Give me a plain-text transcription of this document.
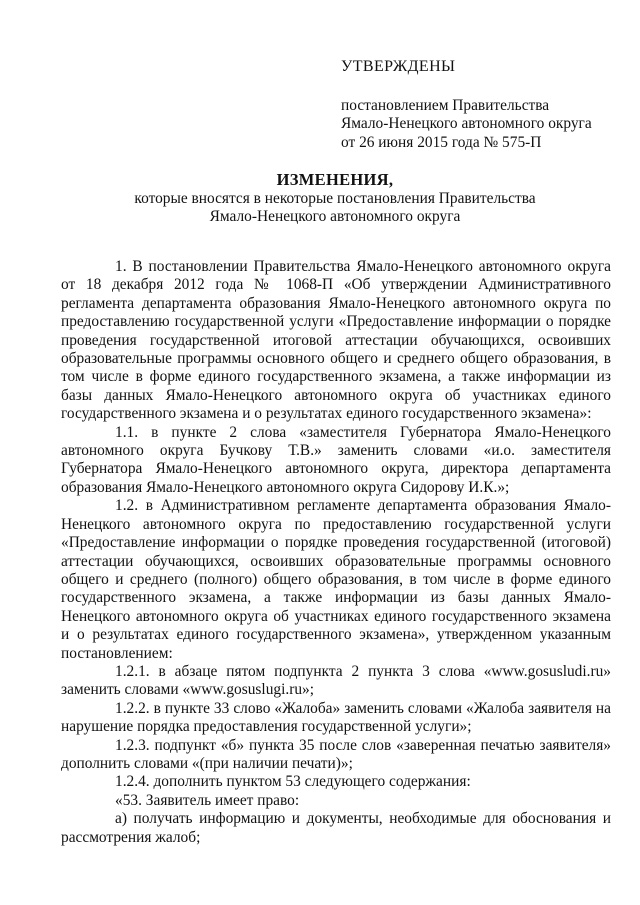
УТВЕРЖДЕНЫ
постановлением Правительства
Ямало-Ненецкого автономного округа
от 26 июня 2015 года № 575-П
ИЗМЕНЕНИЯ,
которые вносятся в некоторые постановления Правительства
Ямало-Ненецкого автономного округа

1. В постановлении Правительства Ямало-Ненецкого автономного округа
от 18 декабря 2012 года № 1068-П «Об утверждении Административного
регламента департамента образования Ямало-Ненецкого автономного округа по
предоставлению государственной услуги «Предоставление информации о порядке
проведения государственной итоговой аттестации обучающихся, освоивших
образовательные программы основного общего и среднего общего образования, в
том числе в форме единого государственного экзамена, а также информации из
базы данных Ямало-Ненецкого автономного округа об участниках единого
государственного экзамена и о результатах единого государственного экзамена»:

1.1. в пункте 2 слова «заместителя Губернатора Ямало-Ненецкого
автономного округа Бучкову Т.В.» заменить словами «и.о. заместителя
Губернатора Ямало-Ненецкого автономного округа, директора департамента
образования Ямало-Ненецкого автономного округа Сидорову И.К.»;

1.2. в Административном регламенте департамента образования Ямало-
Ненецкого автономного округа по предоставлению государственной услуги
«Предоставление информации о порядке проведения государственной (итоговой)
аттестации обучающихся, освоивших образовательные программы основного
общего и среднего (полного) общего образования, в том числе в форме единого
государственного экзамена, а также информации из базы данных Ямало-
Ненецкого автономного округа об участниках единого государственного экзамена
и о результатах единого государственного экзамена», утвержденном указанным
постановлением:

1.2.1. в абзаце пятом подпункта 2 пункта 3 слова «www.gosusludi.ru»
заменить словами «www.gosuslugi.ru»;

1.2.2. в пункте 33 слово «Жалоба» заменить словами «Жалоба заявителя на
нарушение порядка предоставления государственной услуги»;

1.2.3. подпункт «б» пункта 35 после слов «заверенная печатью заявителя»
дополнить словами «(при наличии печати)»;

1.2.4. дополнить пунктом 53 следующего содержания:

«53. Заявитель имеет право:

а) получать информацию и документы, необходимые для обоснования и
рассмотрения жалоб;
